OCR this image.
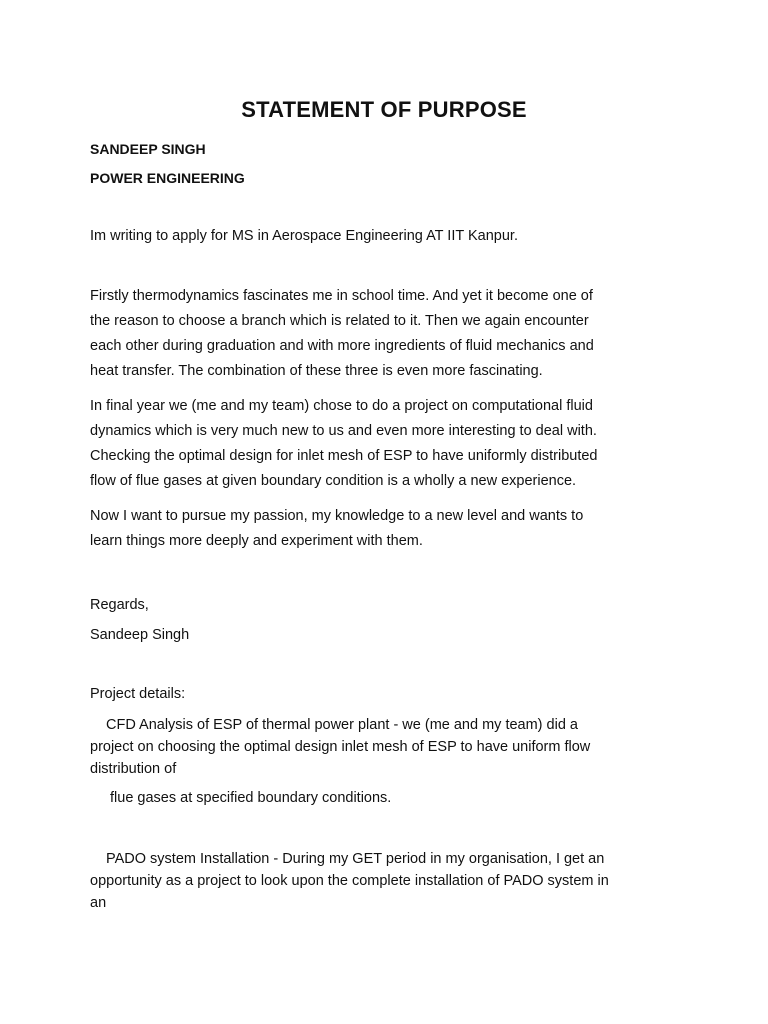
STATEMENT OF PURPOSE
SANDEEP SINGH
POWER ENGINEERING
Im writing to apply for MS in Aerospace Engineering AT IIT Kanpur.
Firstly thermodynamics fascinates me in school time. And yet it become one of
the reason to choose a branch which is related to it. Then we again encounter
each other during graduation and with more ingredients of fluid mechanics and
heat transfer. The combination of these three is even more fascinating.
In final year we (me and my team) chose to do a project on computational fluid
dynamics which is very much new to us and even more interesting to deal with.
Checking the optimal design for inlet mesh of ESP to have uniformly distributed
flow of flue gases at given boundary condition is a wholly a new experience.
Now I want to pursue my passion, my knowledge to a new level and wants to
learn things more deeply and experiment with them.
Regards,
Sandeep Singh
Project details:
CFD Analysis of ESP of thermal power plant - we (me and my team) did a
project on choosing the optimal design inlet mesh of ESP to have uniform flow
distribution of
flue gases at specified boundary conditions.
PADO system Installation - During my GET period in my organisation, I get an
opportunity as a project to look upon the complete installation of PADO system in
an
